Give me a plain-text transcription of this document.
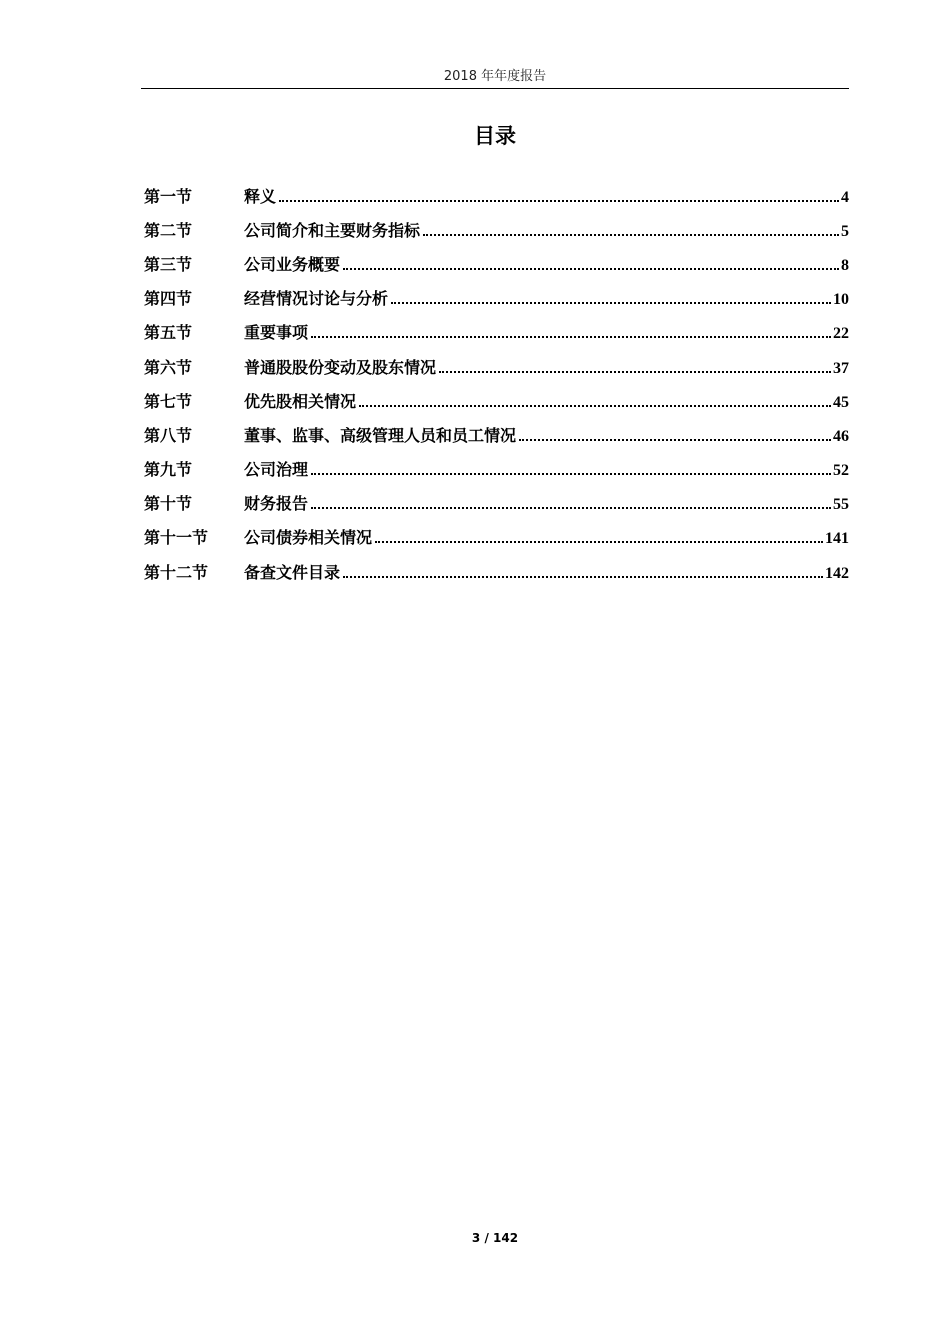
2018 年年度报告
目录
第一节	释义	4
第二节	公司简介和主要财务指标	5
第三节	公司业务概要	8
第四节	经营情况讨论与分析	10
第五节	重要事项	22
第六节	普通股股份变动及股东情况	37
第七节	优先股相关情况	45
第八节	董事、监事、高级管理人员和员工情况	46
第九节	公司治理	52
第十节	财务报告	55
第十一节	公司债券相关情况	141
第十二节	备查文件目录	142
3 / 142
